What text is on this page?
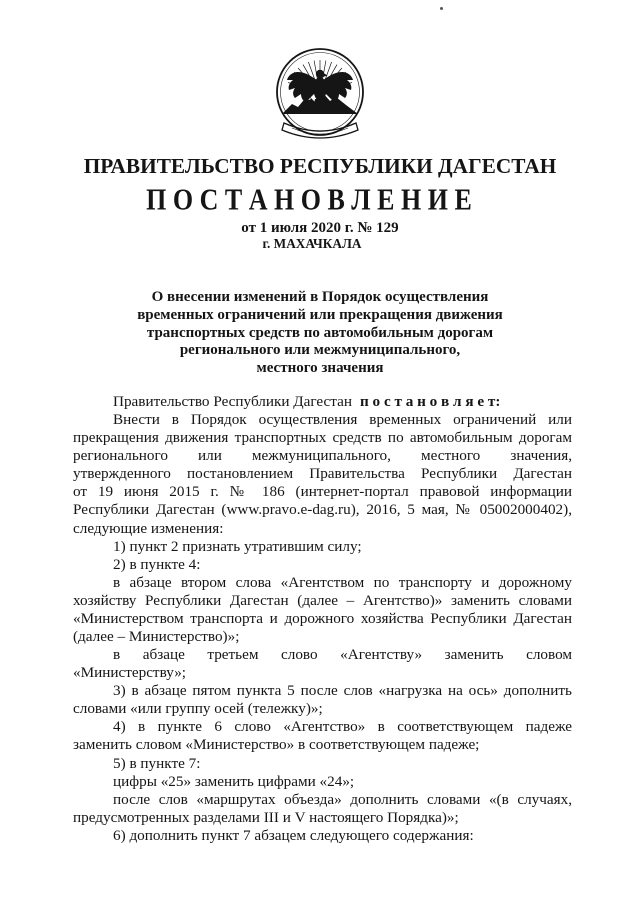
ПРАВИТЕЛЬСТВО РЕСПУБЛИКИ ДАГЕСТАН
П О С Т А Н О В Л Е Н И Е
от 1 июля 2020 г. № 129
г. МАХАЧКАЛА
О внесении изменений в Порядок осуществления
временных ограничений или прекращения движения
транспортных средств по автомобильным дорогам
регионального или межмуниципального,
местного значения
Правительство Республики Дагестан п о с т а н о в л я е т:
Внести в Порядок осуществления временных ограничений или
прекращения движения транспортных средств по автомобильным дорогам
регионального или межмуниципального, местного значения,
утвержденного постановлением Правительства Республики Дагестан
от 19 июня 2015 г. № 186 (интернет-портал правовой информации
Республики Дагестан (www.pravo.e-dag.ru), 2016, 5 мая, № 05002000402),
следующие изменения:
1) пункт 2 признать утратившим силу;
2) в пункте 4:
в абзаце втором слова «Агентством по транспорту и дорожному
хозяйству Республики Дагестан (далее – Агентство)» заменить словами
«Министерством транспорта и дорожного хозяйства Республики Дагестан
(далее – Министерство)»;
в абзаце третьем слово «Агентству» заменить словом
«Министерству»;
3) в абзаце пятом пункта 5 после слов «нагрузка на ось» дополнить
словами «или группу осей (тележку)»;
4) в пункте 6 слово «Агентство» в соответствующем падеже
заменить словом «Министерство» в соответствующем падеже;
5) в пункте 7:
цифры «25» заменить цифрами «24»;
после слов «маршрутах объезда» дополнить словами «(в случаях,
предусмотренных разделами III и V настоящего Порядка)»;
6) дополнить пункт 7 абзацем следующего содержания:
